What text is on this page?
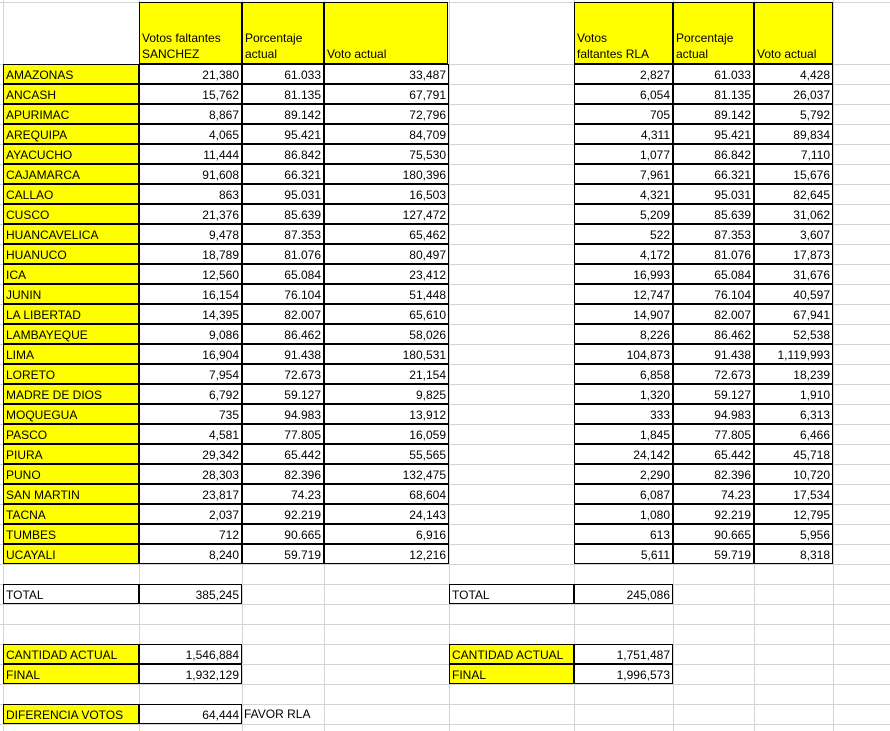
Votos faltantes
SANCHEZ
Porcentaje
actual	Voto actual
Votos
faltantes RLA
Porcentaje
actual	Voto actual
AMAZONAS	21,380	61.033	33,487	2,827	61.033	4,428
ANCASH	15,762	81.135	67,791	6,054	81.135	26,037
APURIMAC	8,867	89.142	72,796	705	89.142	5,792
AREQUIPA	4,065	95.421	84,709	4,311	95.421	89,834
AYACUCHO	11,444	86.842	75,530	1,077	86.842	7,110
CAJAMARCA	91,608	66.321	180,396	7,961	66.321	15,676
CALLAO	863	95.031	16,503	4,321	95.031	82,645
CUSCO	21,376	85.639	127,472	5,209	85.639	31,062
HUANCAVELICA	9,478	87.353	65,462	522	87.353	3,607
HUANUCO	18,789	81.076	80,497	4,172	81.076	17,873
ICA	12,560	65.084	23,412	16,993	65.084	31,676
JUNIN	16,154	76.104	51,448	12,747	76.104	40,597
LA LIBERTAD	14,395	82.007	65,610	14,907	82.007	67,941
LAMBAYEQUE	9,086	86.462	58,026	8,226	86.462	52,538
LIMA	16,904	91.438	180,531	104,873	91.438	1,119,993
LORETO	7,954	72.673	21,154	6,858	72.673	18,239
MADRE DE DIOS	6,792	59.127	9,825	1,320	59.127	1,910
MOQUEGUA	735	94.983	13,912	333	94.983	6,313
PASCO	4,581	77.805	16,059	1,845	77.805	6,466
PIURA	29,342	65.442	55,565	24,142	65.442	45,718
PUNO	28,303	82.396	132,475	2,290	82.396	10,720
SAN MARTIN	23,817	74.23	68,604	6,087	74.23	17,534
TACNA	2,037	92.219	24,143	1,080	92.219	12,795
TUMBES	712	90.665	6,916	613	90.665	5,956
UCAYALI	8,240	59.719	12,216	5,611	59.719	8,318
TOTAL	385,245	TOTAL	245,086
CANTIDAD ACTUAL	1,546,884
FINAL	1,932,129
CANTIDAD ACTUAL	1,751,487
FINAL	1,996,573
DIFERENCIA VOTOS	64,444 FAVOR RLA
